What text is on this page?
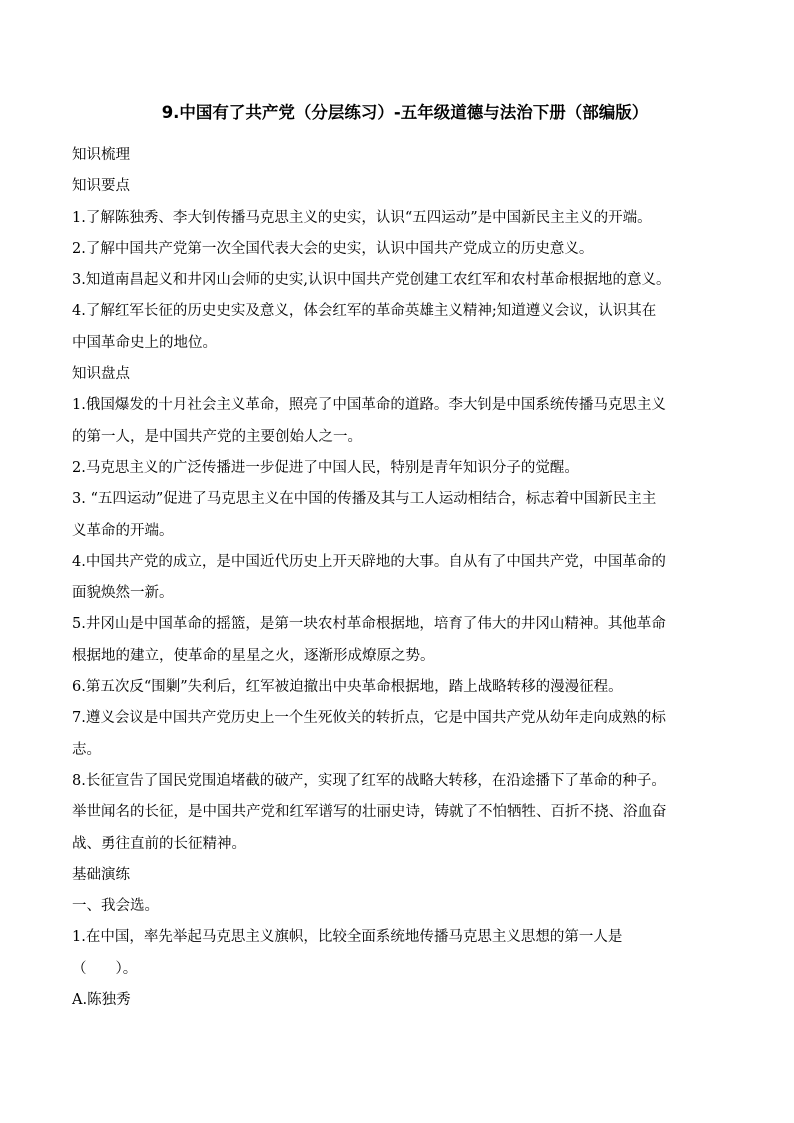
9.中国有了共产党（分层练习）-五年级道德与法治下册（部编版）

知识梳理

知识要点

1.了解陈独秀、李大钊传播马克思主义的史实，认识“五四运动”是中国新民主主义的开端。

2.了解中国共产党第一次全国代表大会的史实，认识中国共产党成立的历史意义。

3.知道南昌起义和井冈山会师的史实,认识中国共产党创建工农红军和农村革命根据地的意义。

4.了解红军长征的历史史实及意义，体会红军的革命英雄主义精神;知道遵义会议，认识其在

中国革命史上的地位。

知识盘点

1.俄国爆发的十月社会主义革命，照亮了中国革命的道路。李大钊是中国系统传播马克思主义

的第一人，是中国共产党的主要创始人之一。

2.马克思主义的广泛传播进一步促进了中国人民，特别是青年知识分子的觉醒。

3. “五四运动”促进了马克思主义在中国的传播及其与工人运动相结合，标志着中国新民主主

义革命的开端。

4.中国共产党的成立，是中国近代历史上开天辟地的大事。自从有了中国共产党，中国革命的

面貌焕然一新。

5.井冈山是中国革命的摇篮，是第一块农村革命根据地，培育了伟大的井冈山精神。其他革命

根据地的建立，使革命的星星之火，逐渐形成燎原之势。

6.第五次反“围剿”失利后，红军被迫撤出中央革命根据地，踏上战略转移的漫漫征程。

7.遵义会议是中国共产党历史上一个生死攸关的转折点，它是中国共产党从幼年走向成熟的标

志。

8.长征宣告了国民党围追堵截的破产，实现了红军的战略大转移，在沿途播下了革命的种子。

举世闻名的长征，是中国共产党和红军谱写的壮丽史诗，铸就了不怕牺牲、百折不挠、浴血奋

战、勇往直前的长征精神。

基础演练

一、我会选。

1.在中国，率先举起马克思主义旗帜，比较全面系统地传播马克思主义思想的第一人是

（　　）。

A.陈独秀
